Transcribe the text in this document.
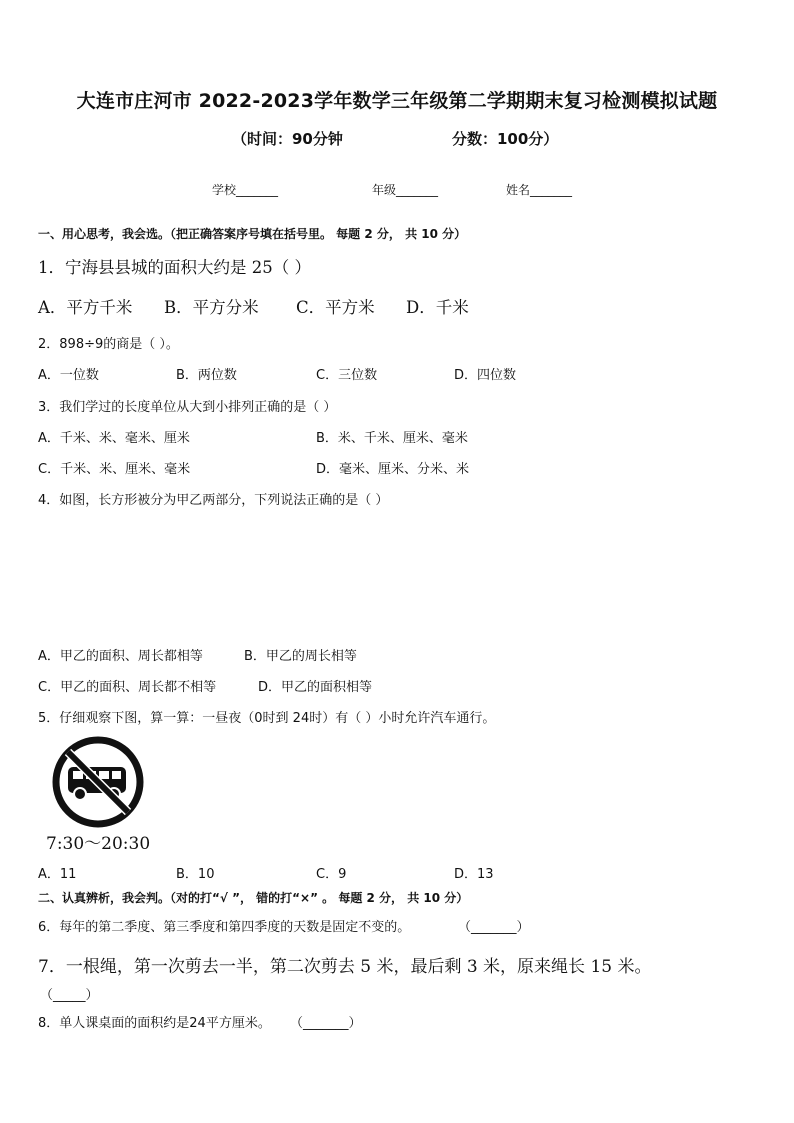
大连市庄河市 2022-2023学年数学三年级第二学期期末复习检测模拟试题
（时间：90分钟	分数：100分）
学校_______	年级_______	姓名_______
一、用心思考，我会选。（把正确答案序号填在括号里。 每题 2 分， 共 10 分）
1．宁海县县城的面积大约是 25（ ）
A．平方千米 B．平方分米 C．平方米 D．千米
2．898÷9的商是（ ）。
A．一位数	B．两位数	C．三位数	D．四位数
3．我们学过的长度单位从大到小排列正确的是（ ）
A．千米、米、毫米、厘米	B．米、千米、厘米、毫米
C．千米、米、厘米、毫米	D．毫米、厘米、分米、米
4．如图，长方形被分为甲乙两部分，下列说法正确的是（ ）
A．甲乙的面积、周长都相等	B．甲乙的周长相等
C．甲乙的面积、周长都不相等	D．甲乙的面积相等
5．仔细观察下图，算一算：一昼夜（0时到 24时）有（ ）小时允许汽车通行。
7:30～20:30
A．11	B．10	C．9	D．13
二、认真辨析，我会判。（对的打“√ ”， 错的打“×” 。 每题 2 分， 共 10 分）
6．每年的第二季度、第三季度和第四季度的天数是固定不变的。	（_______）
7．一根绳，第一次剪去一半，第二次剪去 5 米，最后剩 3 米，原来绳长 15 米。
（_____）
8．单人课桌面的面积约是24平方厘米。 （_______）
